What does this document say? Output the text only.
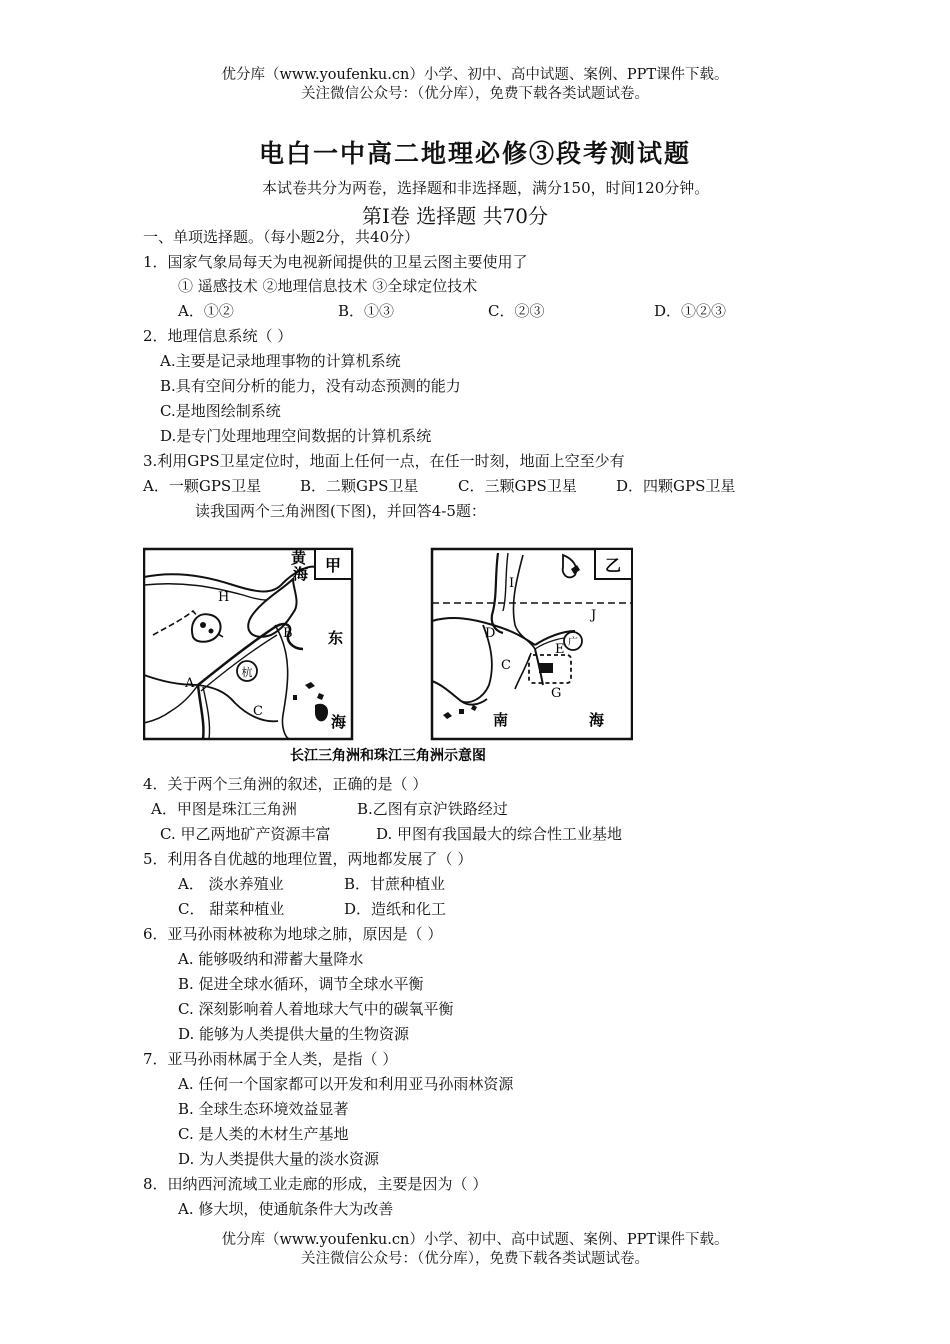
优分库（www.youfenku.cn）小学、初中、高中试题、案例、PPT课件下载。
关注微信公众号：（优分库），免费下载各类试题试卷。
电白一中高二地理必修③段考测试题
本试卷共分为两卷，选择题和非选择题，满分150，时间120分钟。
第Ⅰ卷 选择题 共70分
一、单项选择题。（每小题2分，共40分）
1．国家气象局每天为电视新闻提供的卫星云图主要使用了
① 遥感技术 ②地理信息技术 ③全球定位技术
A．①②	B．①③	C．②③	D．①②③
2．地理信息系统（ ）
A.主要是记录地理事物的计算机系统
B.具有空间分析的能力，没有动态预测的能力
C.是地图绘制系统
D.是专门处理地理空间数据的计算机系统
3.利用GPS卫星定位时，地面上任何一点，在任一时刻，地面上空至少有
A．一颗GPS卫星	B．二颗GPS卫星	C．三颗GPS卫星	D．四颗GPS卫星
读我国两个三角洲图(下图)，并回答4-5题：
甲
杭
黄
海
H
B 东
A
C
海
乙
广
I
J
D
C
E
G
南	海
长江三角洲和珠江三角洲示意图
4．关于两个三角洲的叙述，正确的是（ ）
A．甲图是珠江三角洲	B.乙图有京沪铁路经过
C. 甲乙两地矿产资源丰富	D. 甲图有我国最大的综合性工业基地
5．利用各自优越的地理位置，两地都发展了（ ）
A． 淡水养殖业	B．甘蔗种植业
C． 甜菜种植业	D．造纸和化工
6．亚马孙雨林被称为地球之肺，原因是（ ）
A. 能够吸纳和滞蓄大量降水
B. 促进全球水循环，调节全球水平衡
C. 深刻影响着人着地球大气中的碳氧平衡
D. 能够为人类提供大量的生物资源
7．亚马孙雨林属于全人类，是指（ ）
A. 任何一个国家都可以开发和利用亚马孙雨林资源
B. 全球生态环境效益显著
C. 是人类的木材生产基地
D. 为人类提供大量的淡水资源
8．田纳西河流域工业走廊的形成，主要是因为（ ）
A. 修大坝，使通航条件大为改善
优分库（www.youfenku.cn）小学、初中、高中试题、案例、PPT课件下载。
关注微信公众号：（优分库），免费下载各类试题试卷。
